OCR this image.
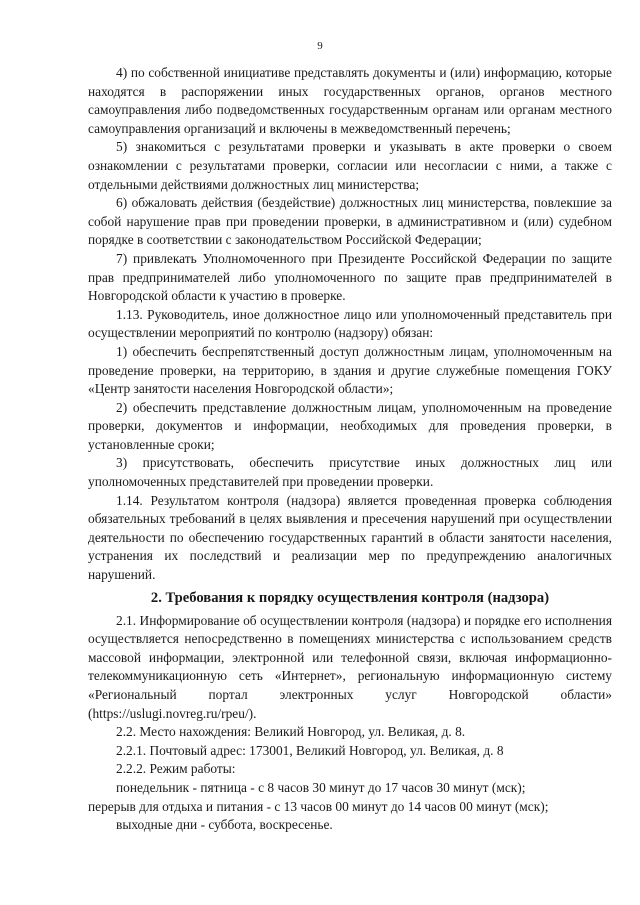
9

4) по собственной инициативе представлять документы и (или) информацию, которые находятся в распоряжении иных государственных органов, органов местного самоуправления либо подведомственных государственным органам или органам местного самоуправления организаций и включены в межведомственный перечень;

5) знакомиться с результатами проверки и указывать в акте проверки о своем ознакомлении с результатами проверки, согласии или несогласии с ними, а также с отдельными действиями должностных лиц министерства;

6) обжаловать действия (бездействие) должностных лиц министерства, повлекшие за собой нарушение прав при проведении проверки, в административном и (или) судебном порядке в соответствии с законодательством Российской Федерации;

7) привлекать Уполномоченного при Президенте Российской Федерации по защите прав предпринимателей либо уполномоченного по защите прав предпринимателей в Новгородской области к участию в проверке.

1.13. Руководитель, иное должностное лицо или уполномоченный представитель при осуществлении мероприятий по контролю (надзору) обязан:

1) обеспечить беспрепятственный доступ должностным лицам, уполномоченным на проведение проверки, на территорию, в здания и другие служебные помещения ГОКУ «Центр занятости населения Новгородской области»;

2) обеспечить представление должностным лицам, уполномоченным на проведение проверки, документов и информации, необходимых для проведения проверки, в установленные сроки;

3) присутствовать, обеспечить присутствие иных должностных лиц или уполномоченных представителей при проведении проверки.

1.14. Результатом контроля (надзора) является проведенная проверка соблюдения обязательных требований в целях выявления и пресечения нарушений при осуществлении деятельности по обеспечению государственных гарантий в области занятости населения, устранения их последствий и реализации мер по предупреждению аналогичных нарушений.

2. Требования к порядку осуществления контроля (надзора)

2.1. Информирование об осуществлении контроля (надзора) и порядке его исполнения осуществляется непосредственно в помещениях министерства с использованием средств массовой информации, электронной или телефонной связи, включая информационно-телекоммуникационную сеть «Интернет», региональную информационную систему «Региональный портал электронных услуг Новгородской области» (https://uslugi.novreg.ru/rpeu/).

2.2. Место нахождения: Великий Новгород, ул. Великая, д. 8.

2.2.1. Почтовый адрес: 173001, Великий Новгород, ул. Великая, д. 8

2.2.2. Режим работы:

понедельник - пятница - с 8 часов 30 минут до 17 часов 30 минут (мск);

перерыв для отдыха и питания - с 13 часов 00 минут до 14 часов 00 минут (мск);

выходные дни - суббота, воскресенье.
